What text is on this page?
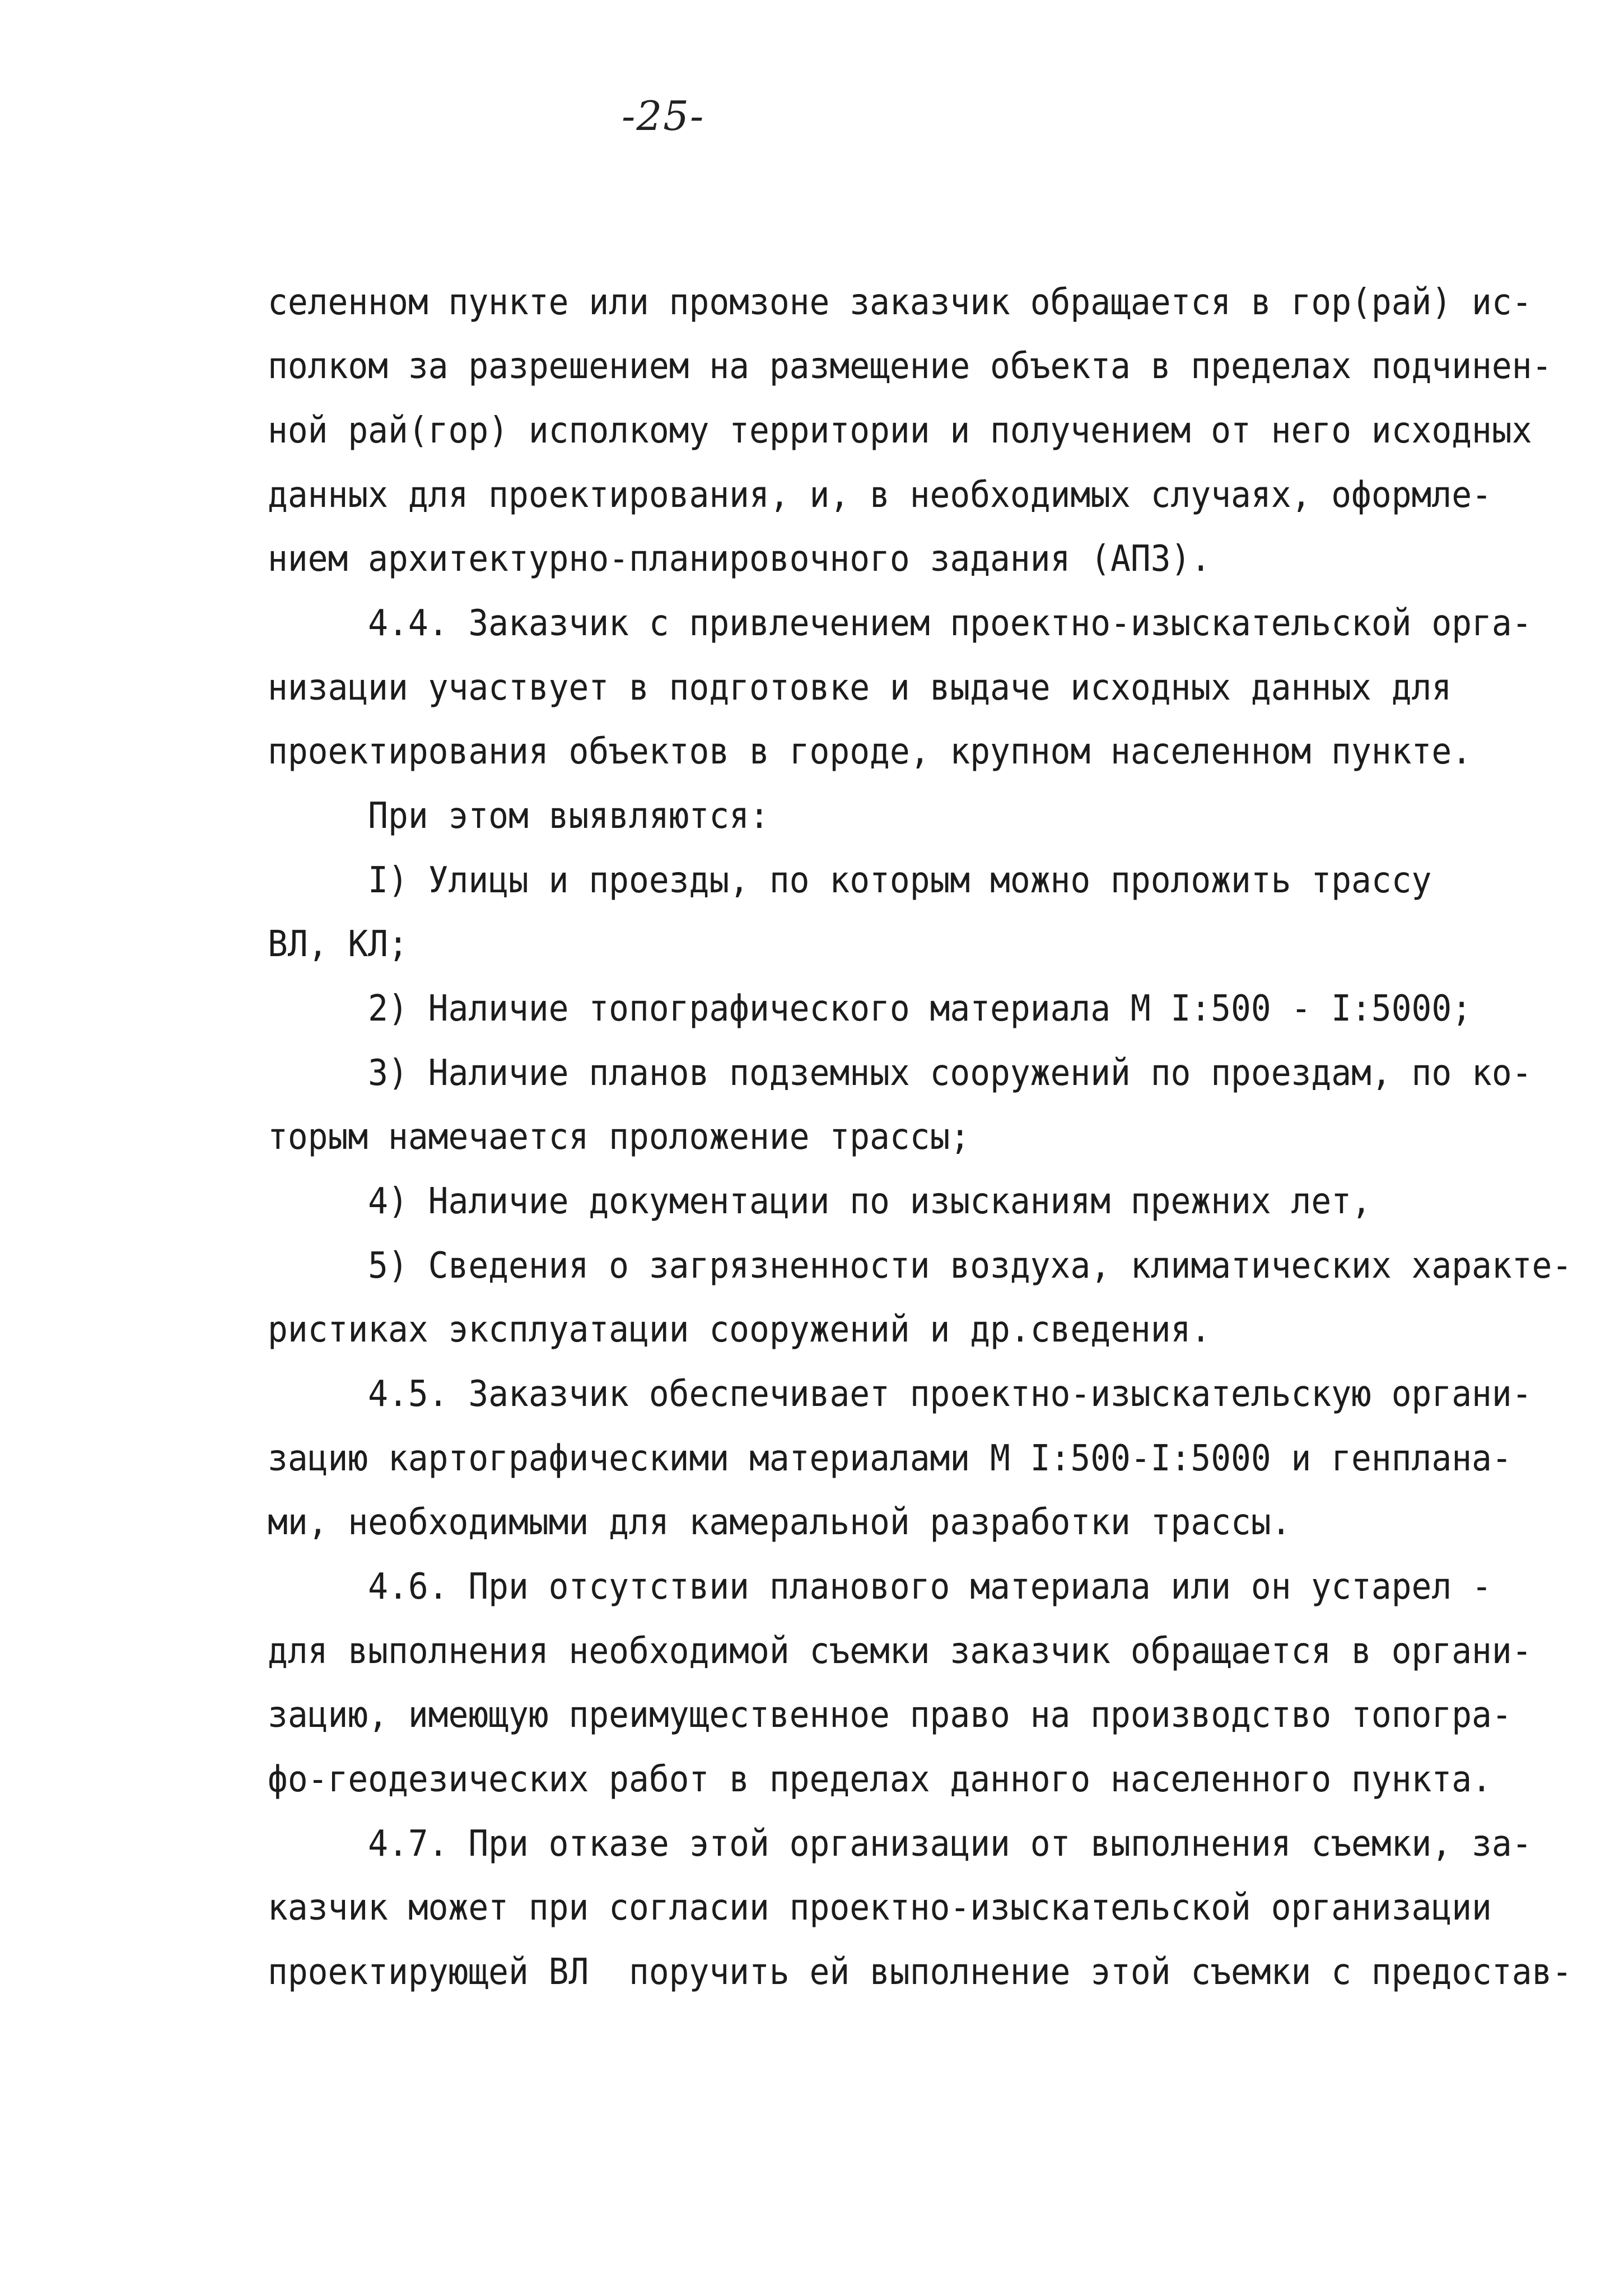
-25-
селенном пункте или промзоне заказчик обращается в гор(рай) ис-
полком за разрешением на размещение объекта в пределах подчинен-
ной рай(гор) исполкому территории и получением от него исходных
данных для проектирования, и, в необходимых случаях, оформле-
нием архитектурно-планировочного задания (АПЗ).
4.4. Заказчик с привлечением проектно-изыскательской орга-
низации участвует в подготовке и выдаче исходных данных для
проектирования объектов в городе, крупном населенном пункте.
При этом выявляются:
I) Улицы и проезды, по которым можно проложить трассу
ВЛ, КЛ;
2) Наличие топографического материала М I:500 - I:5000;
3) Наличие планов подземных сооружений по проездам, по ко-
торым намечается проложение трассы;
4) Наличие документации по изысканиям прежних лет,
5) Сведения о загрязненности воздуха, климатических характе-
ристиках эксплуатации сооружений и др.сведения.
4.5. Заказчик обеспечивает проектно-изыскательскую органи-
зацию картографическими материалами М I:500-I:5000 и генплана-
ми, необходимыми для камеральной разработки трассы.
4.6. При отсутствии планового материала или он устарел -
для выполнения необходимой съемки заказчик обращается в органи-
зацию, имеющую преимущественное право на производство топогра-
фо-геодезических работ в пределах данного населенного пункта.
4.7. При отказе этой организации от выполнения съемки, за-
казчик может при согласии проектно-изыскательской организации
проектирующей ВЛ  поручить ей выполнение этой съемки с предостав-
